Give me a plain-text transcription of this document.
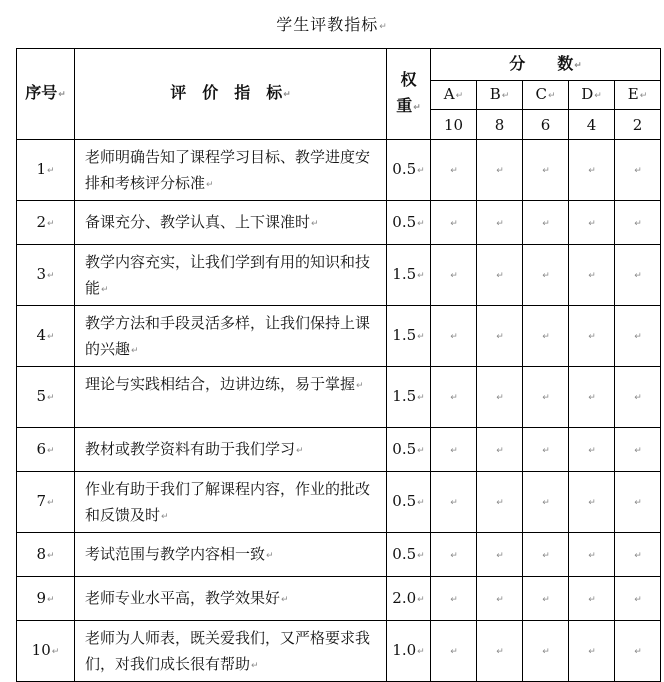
学生评教指标↵
序号↵	评　价　指　标↵	权
重↵	分　　数↵				
			A↵	B↵	C↵	D↵	E↵
			10	8	6	4	2
1↵	老师明确告知了课程学习目标、教学进度安排和考核评分标准↵	0.5↵	↵	↵	↵	↵	↵
2↵	备课充分、教学认真、上下课准时↵	0.5↵	↵	↵	↵	↵	↵
3↵	教学内容充实，让我们学到有用的知识和技能↵	1.5↵	↵	↵	↵	↵	↵
4↵	教学方法和手段灵活多样，让我们保持上课的兴趣↵	1.5↵	↵	↵	↵	↵	↵
5↵	理论与实践相结合，边讲边练，易于掌握↵	1.5↵	↵	↵	↵	↵	↵
6↵	教材或教学资料有助于我们学习↵	0.5↵	↵	↵	↵	↵	↵
7↵	作业有助于我们了解课程内容，作业的批改和反馈及时↵	0.5↵	↵	↵	↵	↵	↵
8↵	考试范围与教学内容相一致↵	0.5↵	↵	↵	↵	↵	↵
9↵	老师专业水平高，教学效果好↵	2.0↵	↵	↵	↵	↵	↵
10↵	老师为人师表，既关爱我们，又严格要求我们，对我们成长很有帮助↵	1.0↵	↵	↵	↵	↵	↵
